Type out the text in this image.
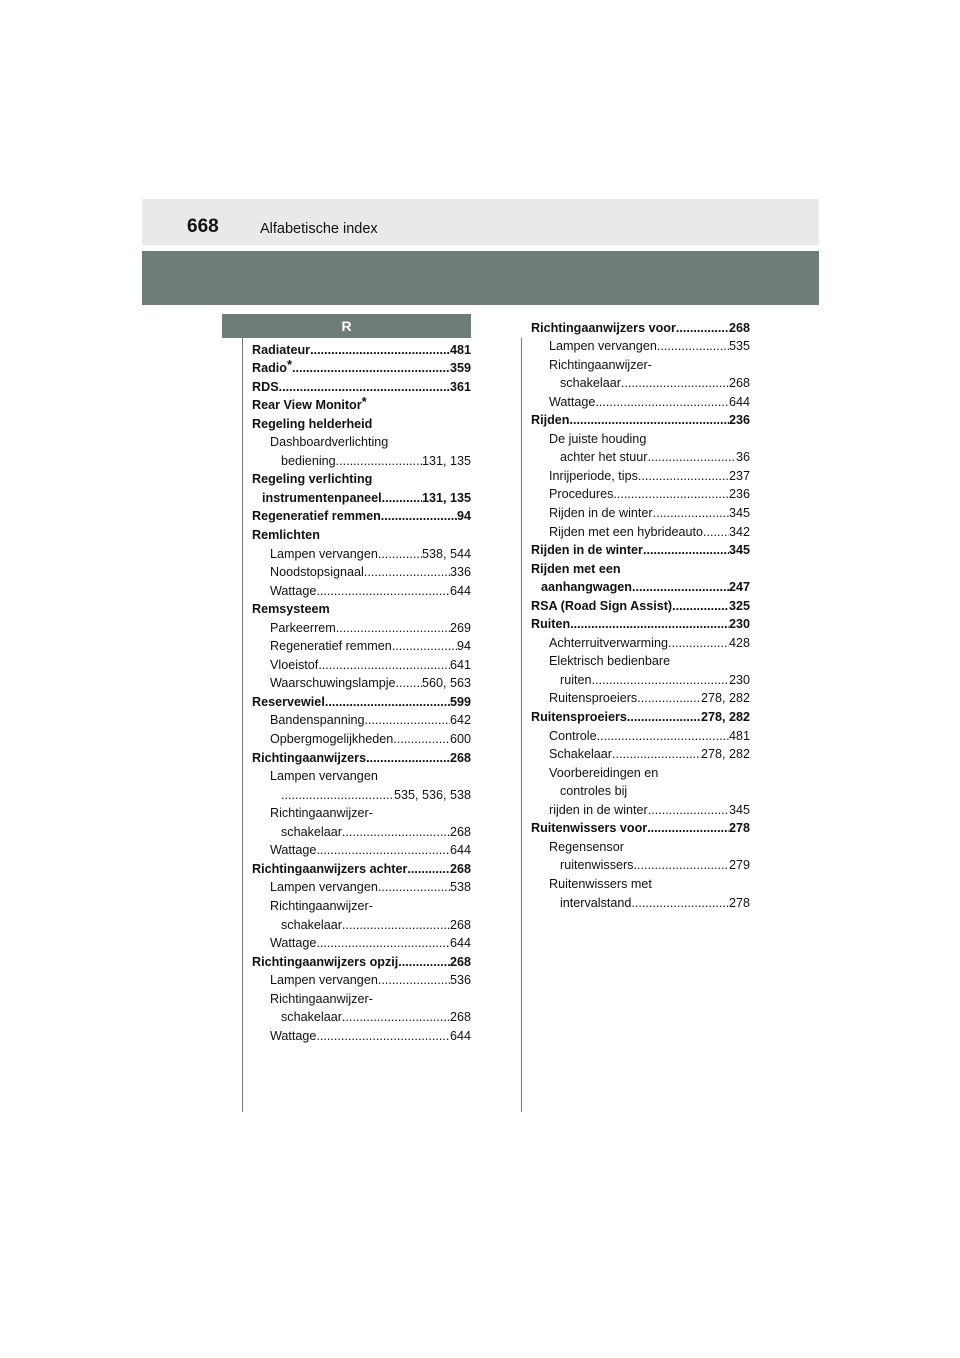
668	Alfabetische index
R
Radiateur .....	481
Radio* .....	359
RDS .....	361
Rear View Monitor*
Regeling helderheid
Dashboardverlichting
bediening .....	131, 135
Regeling verlichting
instrumentenpaneel .....	131, 135
Regeneratief remmen .....	94
Remlichten
Lampen vervangen .....	538, 544
Noodstopsignaal .....	336
Wattage .....	644
Remsysteem
Parkeerrem .....	269
Regeneratief remmen .....	94
Vloeistof .....	641
Waarschuwingslampje ..... 560, 563
Reservewiel .....	599
Bandenspanning .....	642
Opbergmogelijkheden .....	600
Richtingaanwijzers .....	268
Lampen vervangen
.....
535, 536, 538
Richtingaanwijzer-
schakelaar .....	268
Wattage .....	644
Richtingaanwijzers achter .....	268
Lampen vervangen .....	538
Richtingaanwijzer-
schakelaar .....	268
Wattage .....	644
Richtingaanwijzers opzij .....	268
Lampen vervangen .....	536
Richtingaanwijzer-
schakelaar .....	268
Wattage .....	644
Richtingaanwijzers voor .....	268
Lampen vervangen .....	535
Richtingaanwijzer-
schakelaar .....	268
Wattage .....	644
Rijden .....	236
De juiste houding
achter het stuur .....	36
Inrijperiode, tips .....	237
Procedures .....	236
Rijden in de winter .....	345
Rijden met een hybrideauto ..... 342
Rijden in de winter .....	345
Rijden met een
aanhangwagen .....	247
RSA (Road Sign Assist) .....	325
Ruiten .....	230
Achterruitverwarming .....	428
Elektrisch bedienbare
ruiten .....	230
Ruitensproeiers .....	278, 282
Ruitensproeiers .....	278, 282
Controle .....	481
Schakelaar .....	278, 282
Voorbereidingen en
controles bij
rijden in de winter .....	345
Ruitenwissers voor .....	278
Regensensor
ruitenwissers .....	279
Ruitenwissers met
intervalstand .....	278
